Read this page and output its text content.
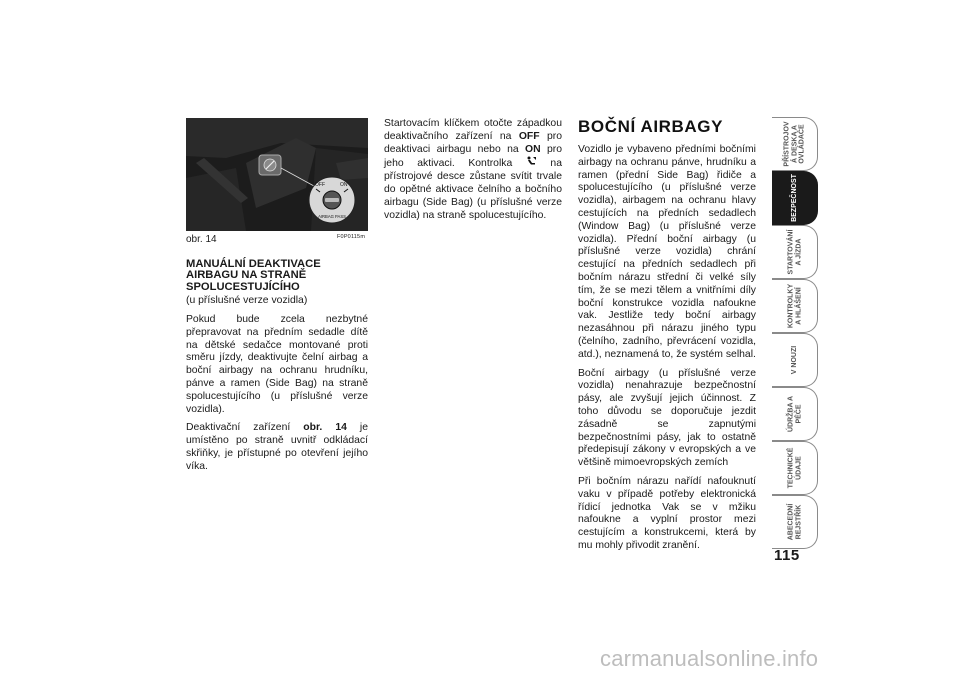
OFF	ON
AIRBAG PASS
obr. 14	F0P0115m
MANUÁLNÍ DEAKTIVACE
AIRBAGU NA STRANĚ
SPOLUCESTUJÍCÍHO

(u příslušné verze vozidla)

Pokud bude zcela nezbytné přepravovat na předním sedadle dítě na dětské sedačce montované proti směru jízdy, deaktivujte čelní airbag a boční airbagy na ochranu hrudníku, pánve a ramen (Side Bag) na straně spolucestujícího (u příslušné verze vozidla).

Deaktivační zařízení obr. 14 je umístěno po straně uvnitř odkládací skřiňky, je přístupné po otevření jejího víka.

Startovacím klíčkem otočte západkou deaktivačního zařízení na OFF pro deaktivaci airbagu nebo na ON pro jeho aktivaci. Kontrolka  na přístrojové desce zůstane svítit trvale do opětné aktivace čelního a bočního airbagu (Side Bag) (u příslušné verze vozidla) na straně spolucestujícího.

BOČNÍ AIRBAGY

Vozidlo je vybaveno předními bočními airbagy na ochranu pánve, hrudníku a ramen (přední Side Bag) řidiče a spolucestujícího (u příslušné verze vozidla), airbagem na ochranu hlavy cestujících na předních sedadlech (Window Bag) (u příslušné verze vozidla). Přední boční airbagy (u příslušné verze vozidla) chrání cestující na předních sedadlech při bočním nárazu střední či velké síly tím, že se mezi tělem a vnitřními díly boční konstrukce vozidla nafoukne vak. Jestliže tedy boční airbagy nezasáhnou při nárazu jiného typu (čelního, zadního, převrácení vozidla, atd.), neznamená to, že systém selhal.

Boční airbagy (u příslušné verze vozidla) nenahrazuje bezpečnostní pásy, ale zvyšují jejich účinnost. Z toho důvodu se doporučuje jezdit zásadně se zapnutými bezpečnostními pásy, jak to ostatně předepisují zákony v evropských a ve většině mimoevropských zemích

Při bočním nárazu nařídí nafouknutí vaku v případě potřeby elektronická řídicí jednotka Vak se v mžiku nafoukne a vyplní prostor mezi cestujícím a konstrukcemi, která by mu mohly přivodit zranění.

PŘÍSTROJOV
Á DESKA A
OVLÁDAČE
BEZPEČNOST
STARTOVÁNÍ
A JÍZDA
KONTROLKY
A HLÁŠENÍ
V NOUZI
ÚDRŽBA A
PÉČE
TECHNICKÉ
ÚDAJE
ABECEDNÍ
REJSTŘÍK
115
carmanualsonline.info
